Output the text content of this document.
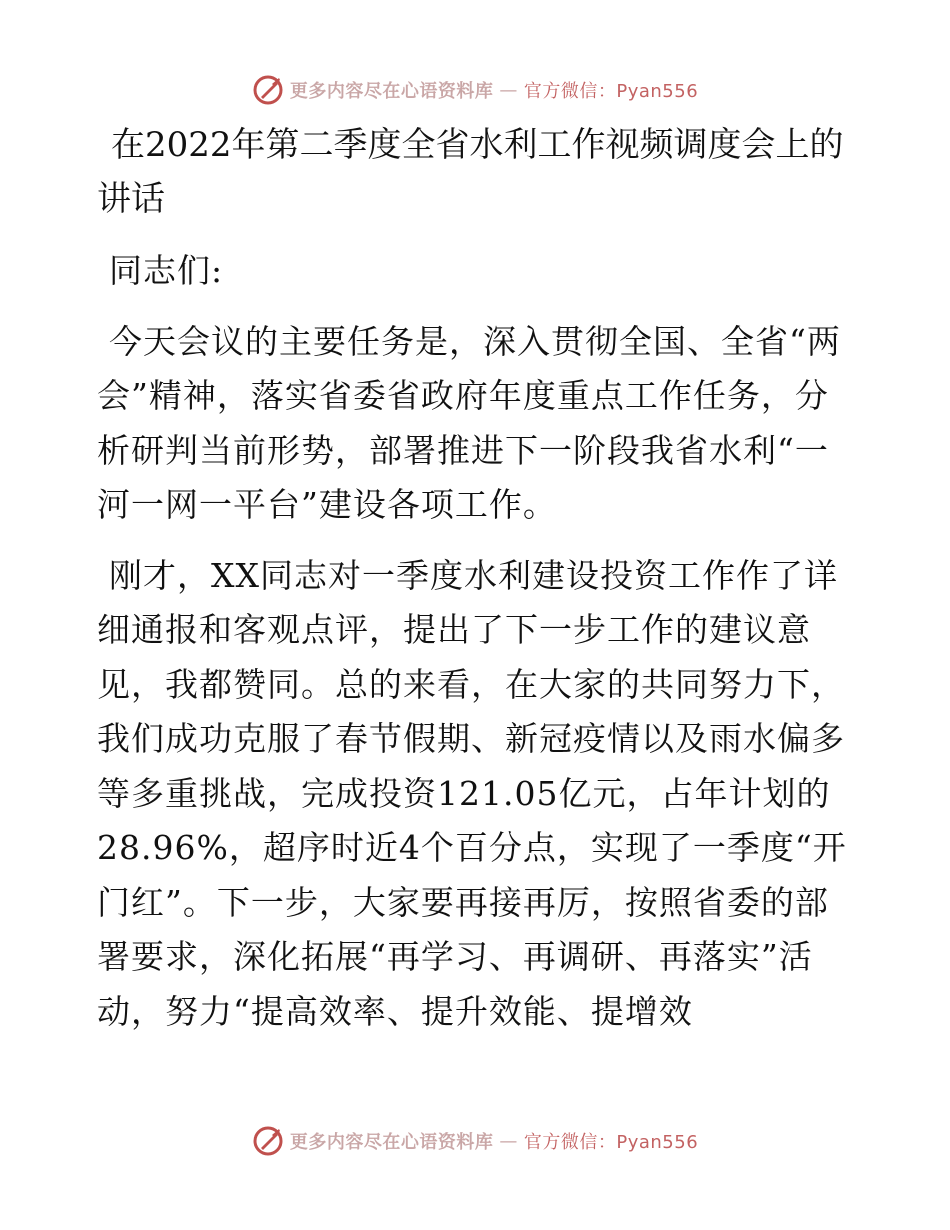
更多内容尽在心语资料库 — 官方微信：Pyan556
在2022年第二季度全省水利工作视频调度会上的讲话

同志们:

今天会议的主要任务是，深入贯彻全国、全省“两会”精神，落实省委省政府年度重点工作任务，分析研判当前形势，部署推进下一阶段我省水利“一河一网一平台”建设各项工作。

刚才，XX同志对一季度水利建设投资工作作了详细通报和客观点评，提出了下一步工作的建议意见，我都赞同。总的来看，在大家的共同努力下，我们成功克服了春节假期、新冠疫情以及雨水偏多等多重挑战，完成投资121.05亿元，占年计划的28.96%，超序时近4个百分点，实现了一季度“开门红”。下一步，大家要再接再厉，按照省委的部署要求，深化拓展“再学习、再调研、再落实”活动，努力“提高效率、提升效能、提增效

更多内容尽在心语资料库 — 官方微信：Pyan556
